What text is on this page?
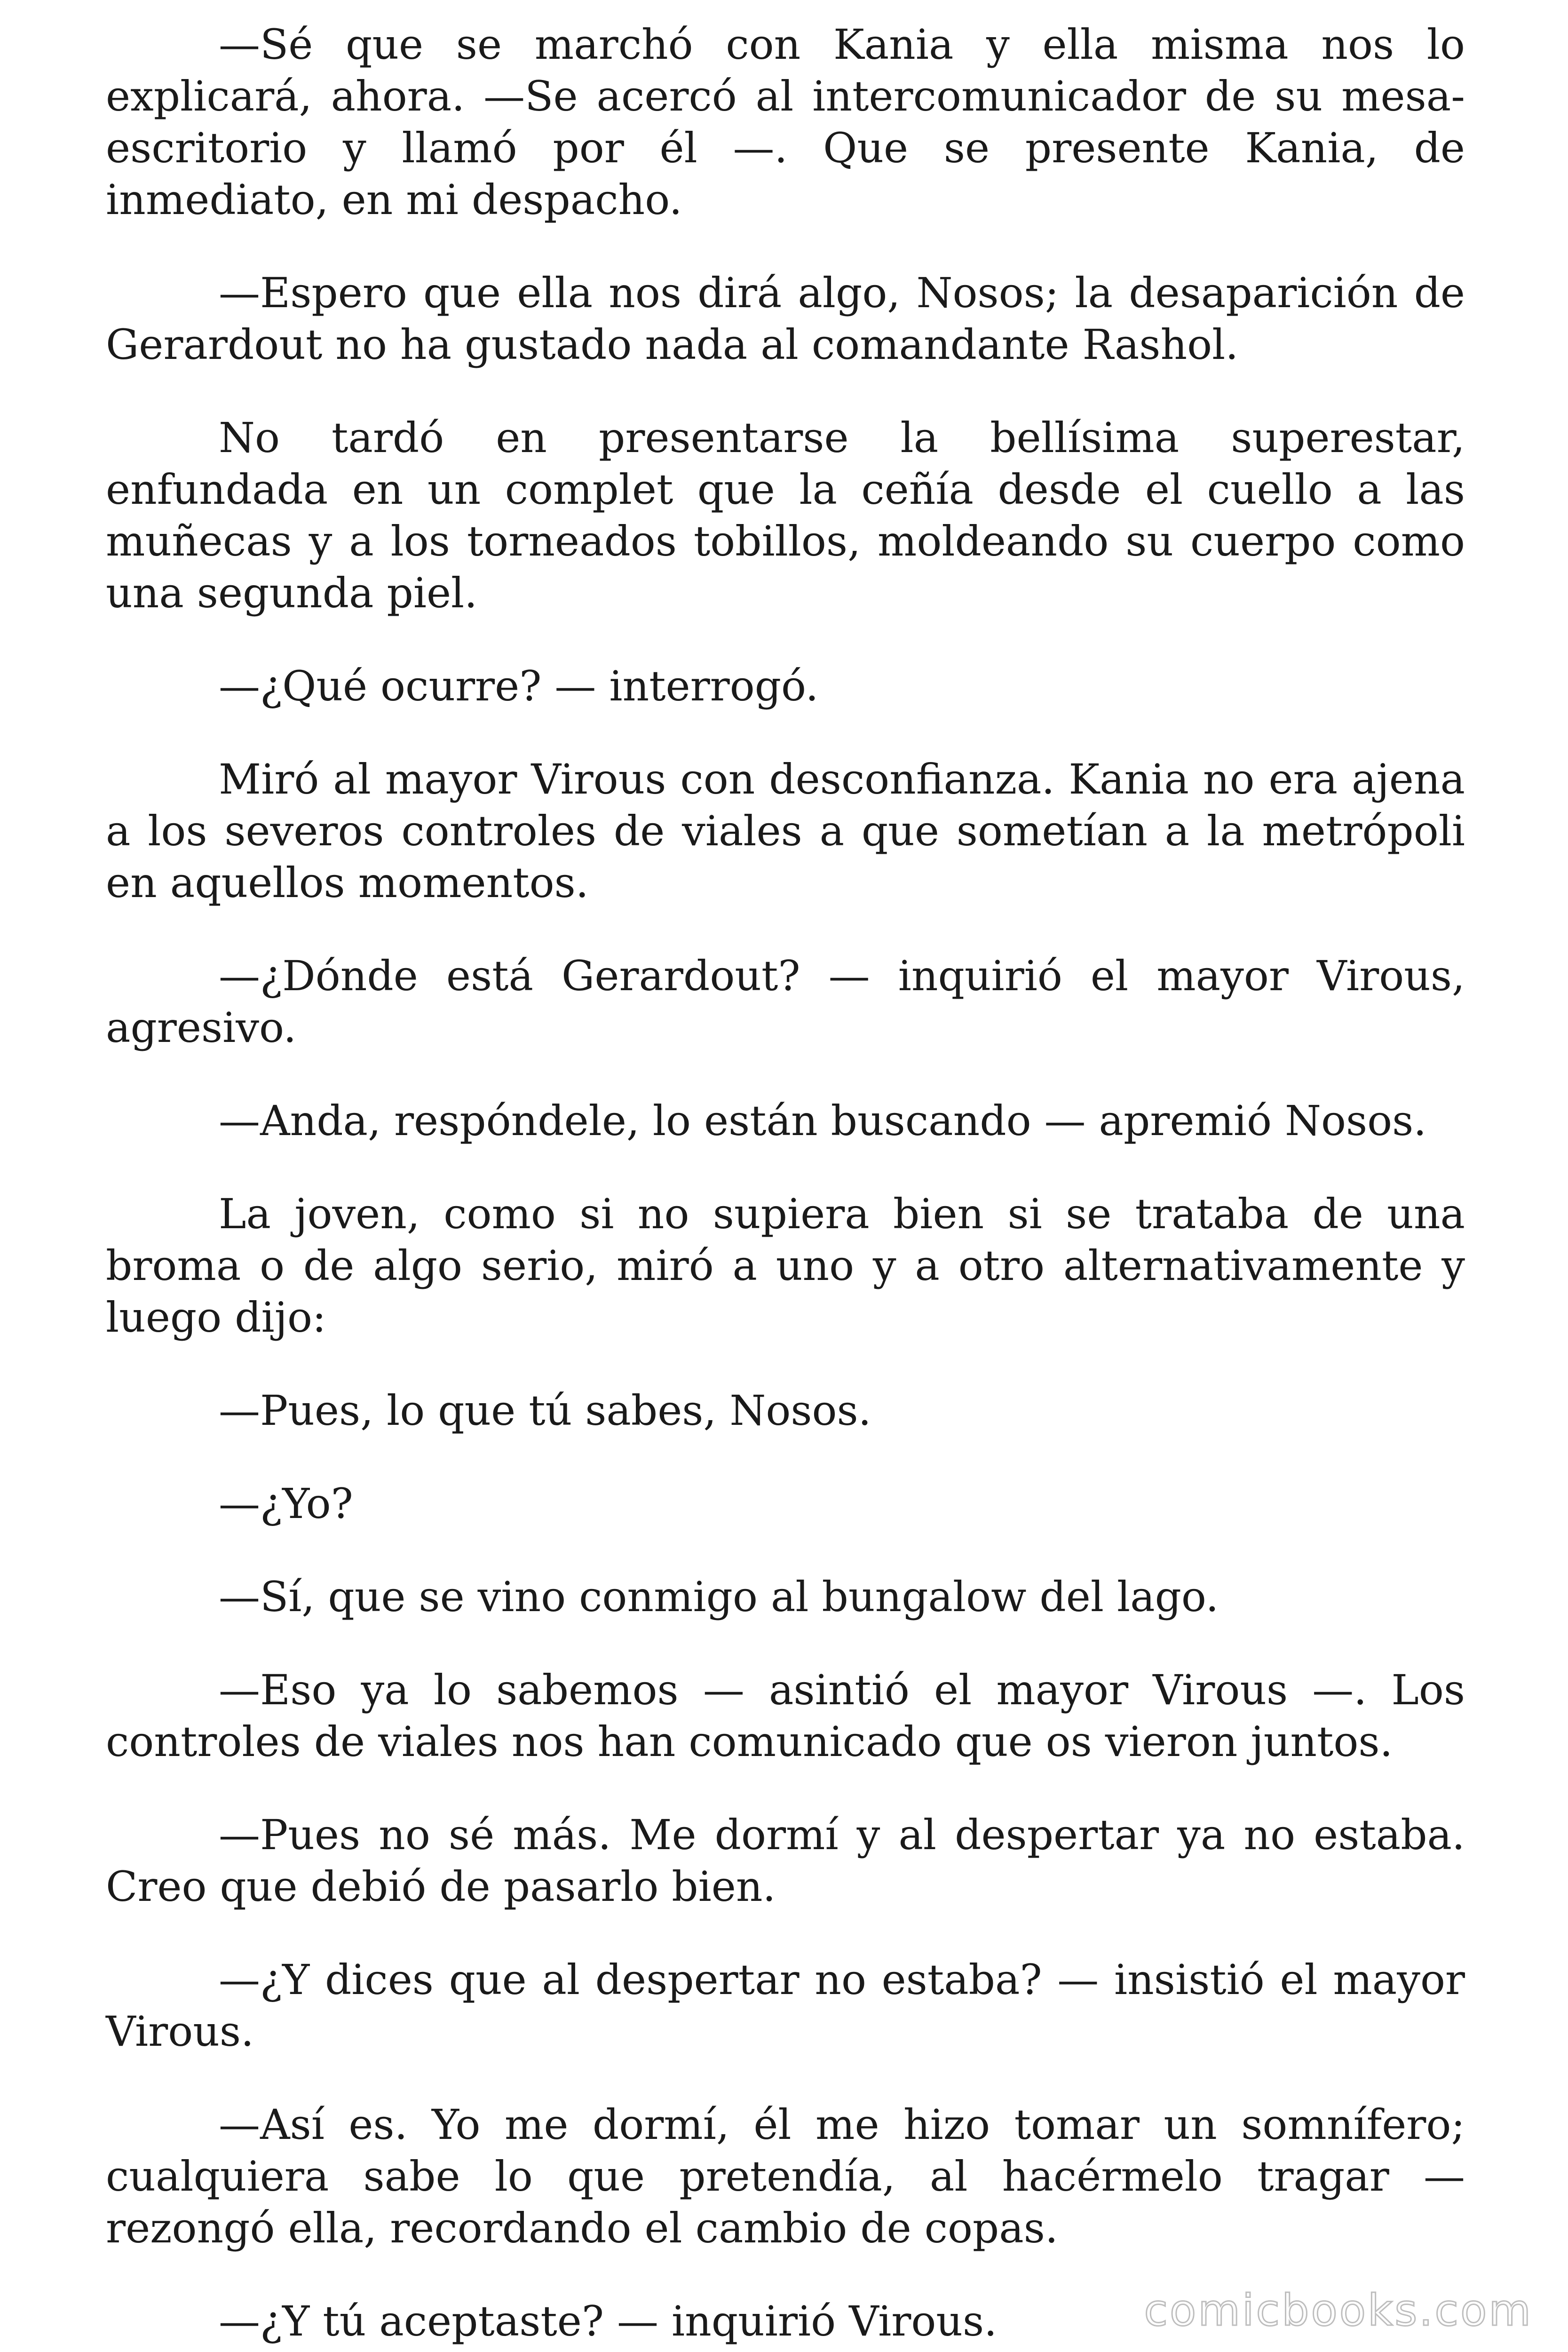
—Sé que se marchó con Kania y ella misma nos lo explicará, ahora. —Se acercó al intercomunicador de su mesa-escritorio y llamó por él —. Que se presente Kania, de inmediato, en mi despacho.

—Espero que ella nos dirá algo, Nosos; la desaparición de Gerardout no ha gustado nada al comandante Rashol.

No tardó en presentarse la bellísima superestar, enfundada en un complet que la ceñía desde el cuello a las muñecas y a los torneados tobillos, moldeando su cuerpo como una segunda piel.

—¿Qué ocurre? — interrogó.

Miró al mayor Virous con desconfianza. Kania no era ajena a los severos controles de viales a que sometían a la metrópoli en aquellos momentos.

—¿Dónde está Gerardout? — inquirió el mayor Virous, agresivo.

—Anda, respóndele, lo están buscando — apremió Nosos.

La joven, como si no supiera bien si se trataba de una broma o de algo serio, miró a uno y a otro alternativamente y luego dijo:

—Pues, lo que tú sabes, Nosos.

—¿Yo?

—Sí, que se vino conmigo al bungalow del lago.

—Eso ya lo sabemos — asintió el mayor Virous —. Los controles de viales nos han comunicado que os vieron juntos.

—Pues no sé más. Me dormí y al despertar ya no estaba. Creo que debió de pasarlo bien.

—¿Y dices que al despertar no estaba? — insistió el mayor Virous.

—Así es. Yo me dormí, él me hizo tomar un somnífero; cualquiera sabe lo que pretendía, al hacérmelo tragar — rezongó ella, recordando el cambio de copas.

—¿Y tú aceptaste? — inquirió Virous.	comicbooks.com
